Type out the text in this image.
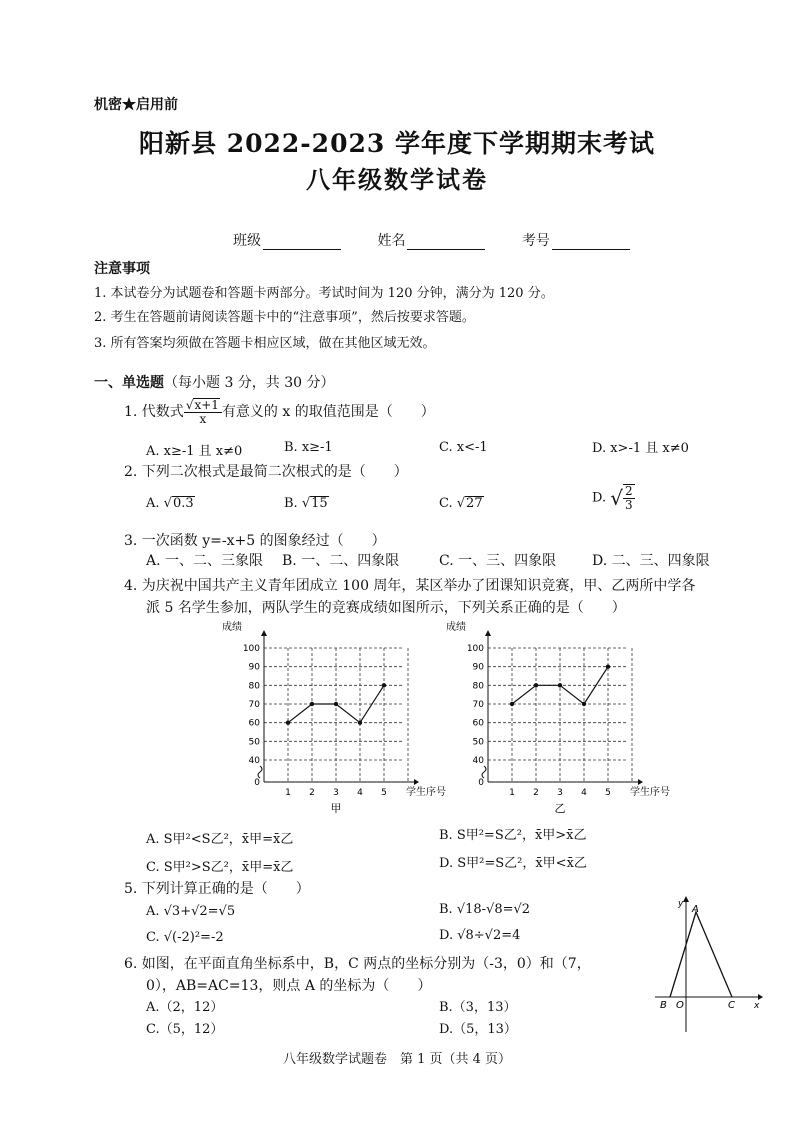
机密★启用前
阳新县 2022-2023 学年度下学期期末考试
八年级数学试卷
班级	姓名	考号
注意事项
1. 本试卷分为试题卷和答题卡两部分。考试时间为 120 分钟，满分为 120 分。
2. 考生在答题前请阅读答题卡中的“注意事项”，然后按要求答题。
3. 所有答案均须做在答题卡相应区域，做在其他区域无效。
一、单选题（每小题 3 分，共 30 分）
1. 代数式 $\frac{√x+1}{x}$ 有意义的 x 的取值范围是（　　）
A. x≥-1 且 x≠0	B. x≥-1	C. x<-1	D. x>-1 且 x≠0
2. 下列二次根式是最简二次根式的是（　　）
A. √0.3	B. √15	C. √27	D. √ $\frac{2}{3}$
3. 一次函数 y=-x+5 的图象经过（　　）
A. 一、二、三象限 B. 一、二、四象限	C. 一、三、四象限	D. 二、三、四象限
4. 为庆祝中国共产主义青年团成立 100 周年，某区举办了团课知识竞赛，甲、乙两所中学各
派 5 名学生参加，两队学生的竞赛成绩如图所示，下列关系正确的是（　　）
成绩
0
40
50
60
70
80
90
100
1 2 3 4 5 学生序号
甲
成绩
0
40
50
60
70
80
90
100
1 2 3 4 5 学生序号
乙
A. S甲²<S乙²，x̄甲=x̄乙	B. S甲²=S乙²，x̄甲>x̄乙
C. S甲²>S乙²，x̄甲=x̄乙	D. S甲²=S乙²，x̄甲<x̄乙
5. 下列计算正确的是（　　）
A. √3+√2=√5	B. √18-√8=√2
C. √(-2)²=-2	D. √8÷√2=4
6. 如图，在平面直角坐标系中，B，C 两点的坐标分别为（-3，0）和（7，
0），AB=AC=13，则点 A 的坐标为（　　）
A.（2，12）	B.（3，13）
C.（5，12）	D.（5，13）
y
x
A
B O	C
八年级数学试题卷　第 1 页（共 4 页）
